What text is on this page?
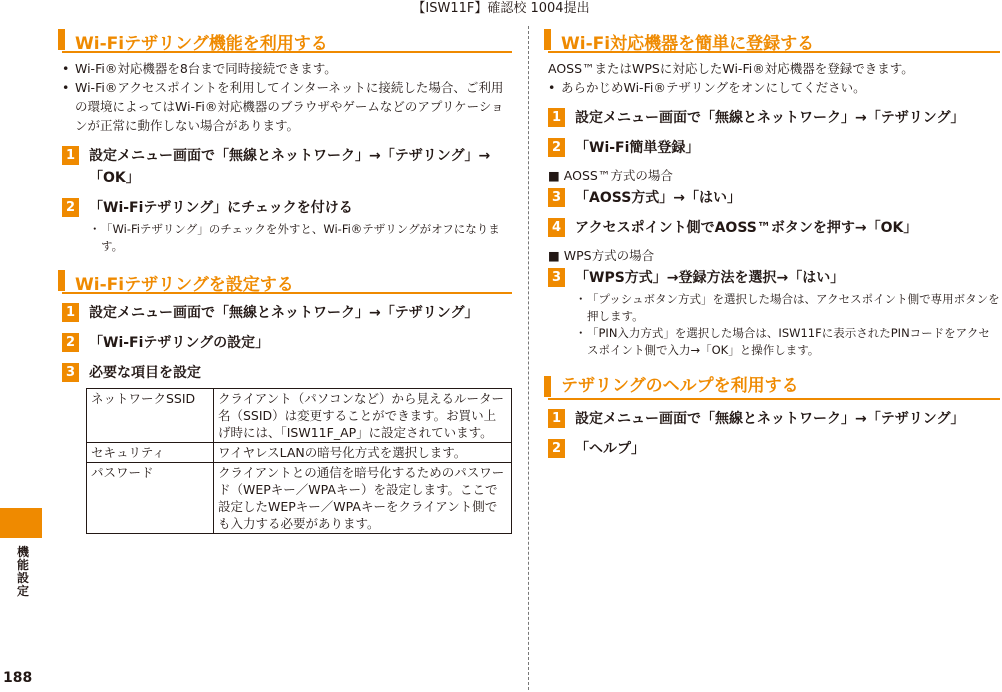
【ISW11F】確認校 1004提出
Wi-Fiテザリング機能を利用する
• Wi-Fi®対応機器を8台まで同時接続できます。
• Wi-Fi®アクセスポイントを利用してインターネットに接続した場合、ご利用の環境によってはWi-Fi®対応機器のブラウザやゲームなどのアプリケーションが正常に動作しない場合があります。
1 設定メニュー画面で「無線とネットワーク」→「テザリング」→「OK」
2 「Wi-Fiテザリング」にチェックを付ける
・ 「Wi-Fiテザリング」のチェックを外すと、Wi-Fi®テザリングがオフになります。
Wi-Fiテザリングを設定する
1 設定メニュー画面で「無線とネットワーク」→「テザリング」
2 「Wi-Fiテザリングの設定」
3 必要な項目を設定
ネットワークSSID	クライアント（パソコンなど）から見えるルーター名（SSID）は変更することができます。お買い上げ時には、「ISW11F_AP」に設定されています。
セキュリティ	ワイヤレスLANの暗号化方式を選択します。
パスワード	クライアントとの通信を暗号化するためのパスワード（WEPキー／WPAキー）を設定します。ここで設定したWEPキー／WPAキーをクライアント側でも入力する必要があります。
Wi-Fi対応機器を簡単に登録する
AOSS™またはWPSに対応したWi-Fi®対応機器を登録できます。
• あらかじめWi-Fi®テザリングをオンにしてください。
1 設定メニュー画面で「無線とネットワーク」→「テザリング」
2 「Wi-Fi簡単登録」
■ AOSS™方式の場合
3 「AOSS方式」→「はい」
4 アクセスポイント側でAOSS™ボタンを押す→「OK」
■ WPS方式の場合
3 「WPS方式」→登録方法を選択→「はい」
・ 「プッシュボタン方式」を選択した場合は、アクセスポイント側で専用ボタンを押します。
・ 「PIN入力方式」を選択した場合は、ISW11Fに表示されたPINコードをアクセスポイント側で入力→「OK」と操作します。
テザリングのヘルプを利用する
1 設定メニュー画面で「無線とネットワーク」→「テザリング」
2 「ヘルプ」
機能設定
188
